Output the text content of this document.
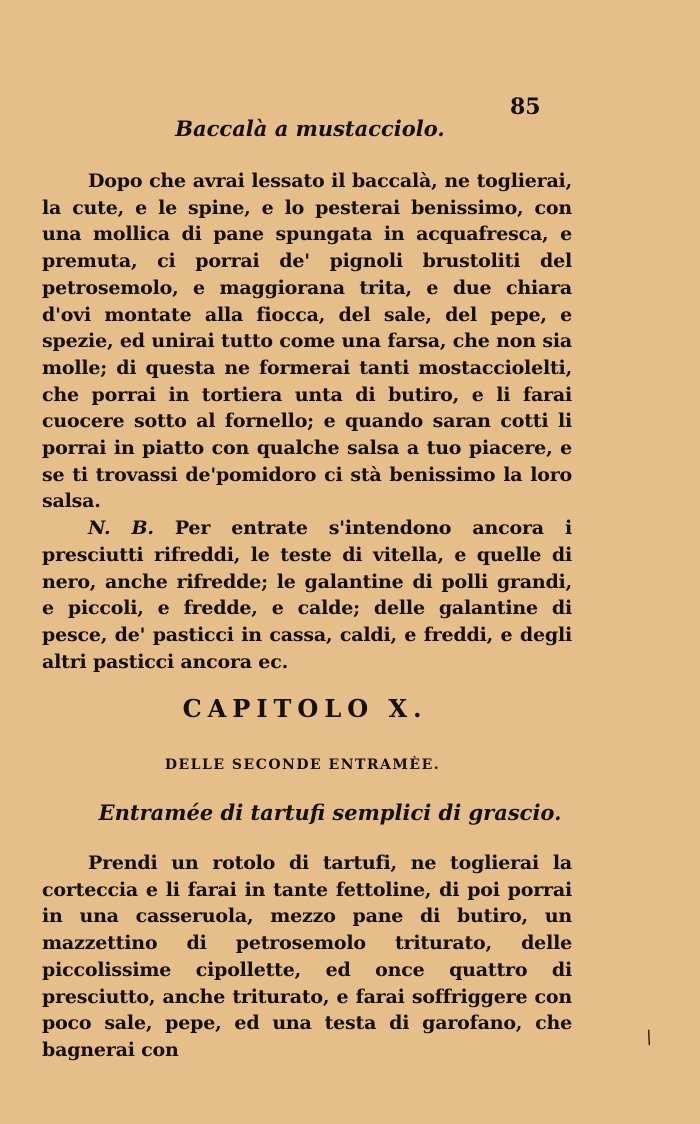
85
Baccalà a mustacciolo.

Dopo che avrai lessato il baccalà, ne toglierai, la cute, e le spine, e lo pesterai benissimo, con una mollica di pane spungata in acquafresca, e premuta, ci porrai de' pignoli brustoliti del petrosemolo, e maggiorana trita, e due chiara d'ovi montate alla fiocca, del sale, del pepe, e spezie, ed unirai tutto come una farsa, che non sia molle; di questa ne formerai tanti mostacciolelti, che porrai in tortiera unta di butiro, e li farai cuocere sotto al fornello; e quando saran cotti li porrai in piatto con qualche salsa a tuo piacere, e se ti trovassi de'pomidoro ci stà benissimo la loro salsa.

N. B. Per entrate s'intendono ancora i presciutti rifreddi, le teste di vitella, e quelle di nero, anche rifredde; le galantine di polli grandi, e piccoli, e fredde, e calde; delle galantine di pesce, de' pasticci in cassa, caldi, e freddi, e degli altri pasticci ancora ec.

CAPITOLO X.
DELLE SECONDE ENTRAMÈE.
Entramée di tartufi semplici di grascio.

Prendi un rotolo di tartufi, ne toglierai la corteccia e li farai in tante fettoline, di poi porrai in una casseruola, mezzo pane di butiro, un mazzettino di petrosemolo triturato, delle piccolissime cipollette, ed once quattro di presciutto, anche triturato, e farai soffriggere con poco sale, pepe, ed una testa di garofano, che bagnerai con

/
